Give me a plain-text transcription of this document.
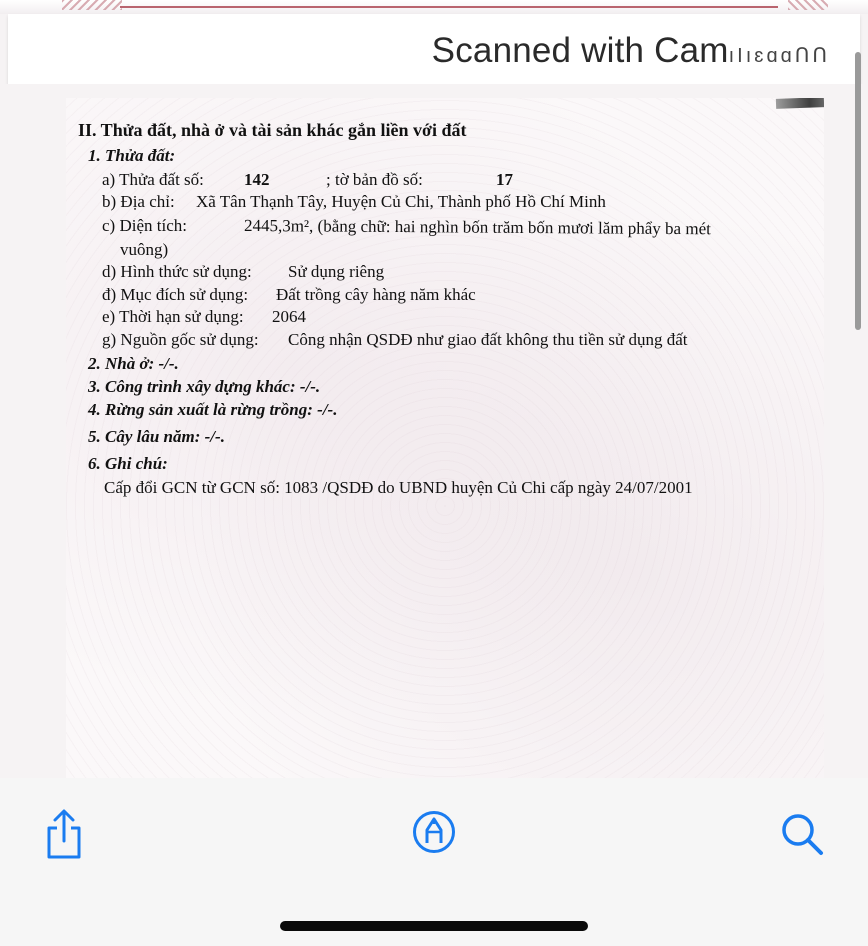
Scanned with CamıIıɛɑɑՈՈ
II. Thửa đất, nhà ở và tài sản khác gắn liền với đất
1. Thửa đất:
a) Thửa đất số: 142	; tờ bản đồ số:	17
b) Địa chỉ: Xã Tân Thạnh Tây, Huyện Củ Chi, Thành phố Hồ Chí Minh
c) Diện tích:	2445,3m², (bằng chữ: hai nghìn bốn trăm bốn mươi lăm phẩy ba mét
vuông)
d) Hình thức sử dụng: Sử dụng riêng
đ) Mục đích sử dụng: Đất trồng cây hàng năm khác
e) Thời hạn sử dụng: 2064
g) Nguồn gốc sử dụng: Công nhận QSDĐ như giao đất không thu tiền sử dụng đất
2. Nhà ở: -/-.
3. Công trình xây dựng khác: -/-.
4. Rừng sản xuất là rừng trồng: -/-.
5. Cây lâu năm: -/-.
6. Ghi chú:
Cấp đổi GCN từ GCN số: 1083 /QSDĐ do UBND huyện Củ Chi cấp ngày 24/07/2001
